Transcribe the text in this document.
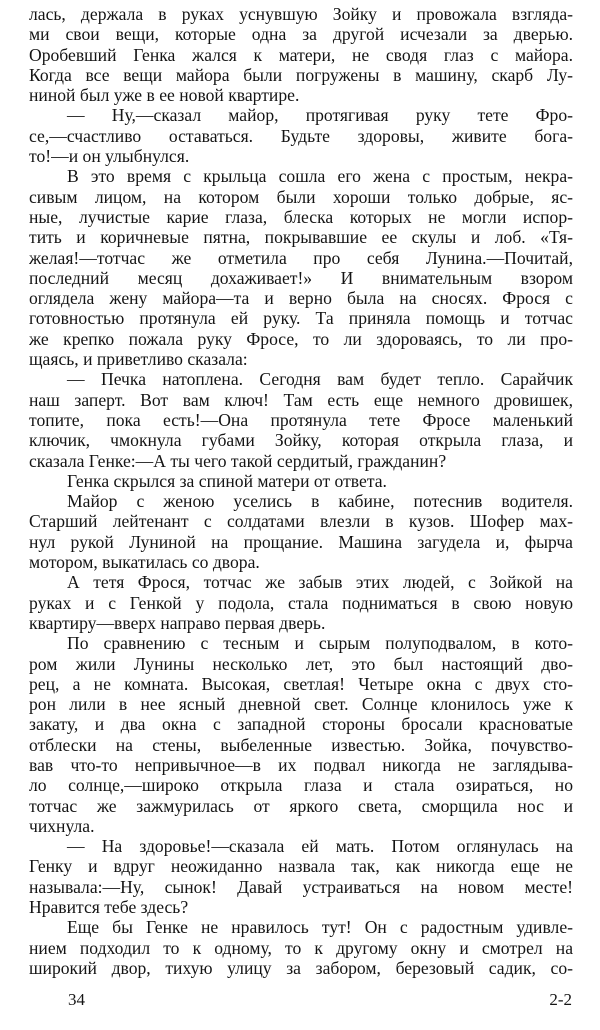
лась, держала в руках уснувшую Зойку и провожала взгляда-
ми свои вещи, которые одна за другой исчезали за дверью.
Оробевший Генка жался к матери, не сводя глаз с майора.
Когда все вещи майора были погружены в машину, скарб Лу-
ниной был уже в ее новой квартире.
— Ну,—сказал майор, протягивая руку тете Фро-
се,—счастливо оставаться. Будьте здоровы, живите бога-
то!—и он улыбнулся.
В это время с крыльца сошла его жена с простым, некра-
сивым лицом, на котором были хороши только добрые, яс-
ные, лучистые карие глаза, блеска которых не могли испор-
тить и коричневые пятна, покрывавшие ее скулы и лоб. «Тя-
желая!—тотчас же отметила про себя Лунина.—Почитай,
последний месяц дохаживает!» И внимательным взором
оглядела жену майора—та и верно была на сносях. Фрося с
готовностью протянула ей руку. Та приняла помощь и тотчас
же крепко пожала руку Фросе, то ли здороваясь, то ли про-
щаясь, и приветливо сказала:
— Печка натоплена. Сегодня вам будет тепло. Сарайчик
наш заперт. Вот вам ключ! Там есть еще немного дровишек,
топите, пока есть!—Она протянула тете Фросе маленький
ключик, чмокнула губами Зойку, которая открыла глаза, и
сказала Генке:—А ты чего такой сердитый, гражданин?
Генка скрылся за спиной матери от ответа.
Майор с женою уселись в кабине, потеснив водителя.
Старший лейтенант с солдатами влезли в кузов. Шофер мах-
нул рукой Луниной на прощание. Машина загудела и, фырча
мотором, выкатилась со двора.
А тетя Фрося, тотчас же забыв этих людей, с Зойкой на
руках и с Генкой у подола, стала подниматься в свою новую
квартиру—вверх направо первая дверь.
По сравнению с тесным и сырым полуподвалом, в кото-
ром жили Лунины несколько лет, это был настоящий дво-
рец, а не комната. Высокая, светлая! Четыре окна с двух сто-
рон лили в нее ясный дневной свет. Солнце клонилось уже к
закату, и два окна с западной стороны бросали красноватые
отблески на стены, выбеленные известью. Зойка, почувство-
вав что-то непривычное—в их подвал никогда не заглядыва-
ло солнце,—широко открыла глаза и стала озираться, но
тотчас же зажмурилась от яркого света, сморщила нос и
чихнула.
— На здоровье!—сказала ей мать. Потом оглянулась на
Генку и вдруг неожиданно назвала так, как никогда еще не
называла:—Ну, сынок! Давай устраиваться на новом месте!
Нравится тебе здесь?
Еще бы Генке не нравилось тут! Он с радостным удивле-
нием подходил то к одному, то к другому окну и смотрел на
широкий двор, тихую улицу за забором, березовый садик, со-
34	2-2
